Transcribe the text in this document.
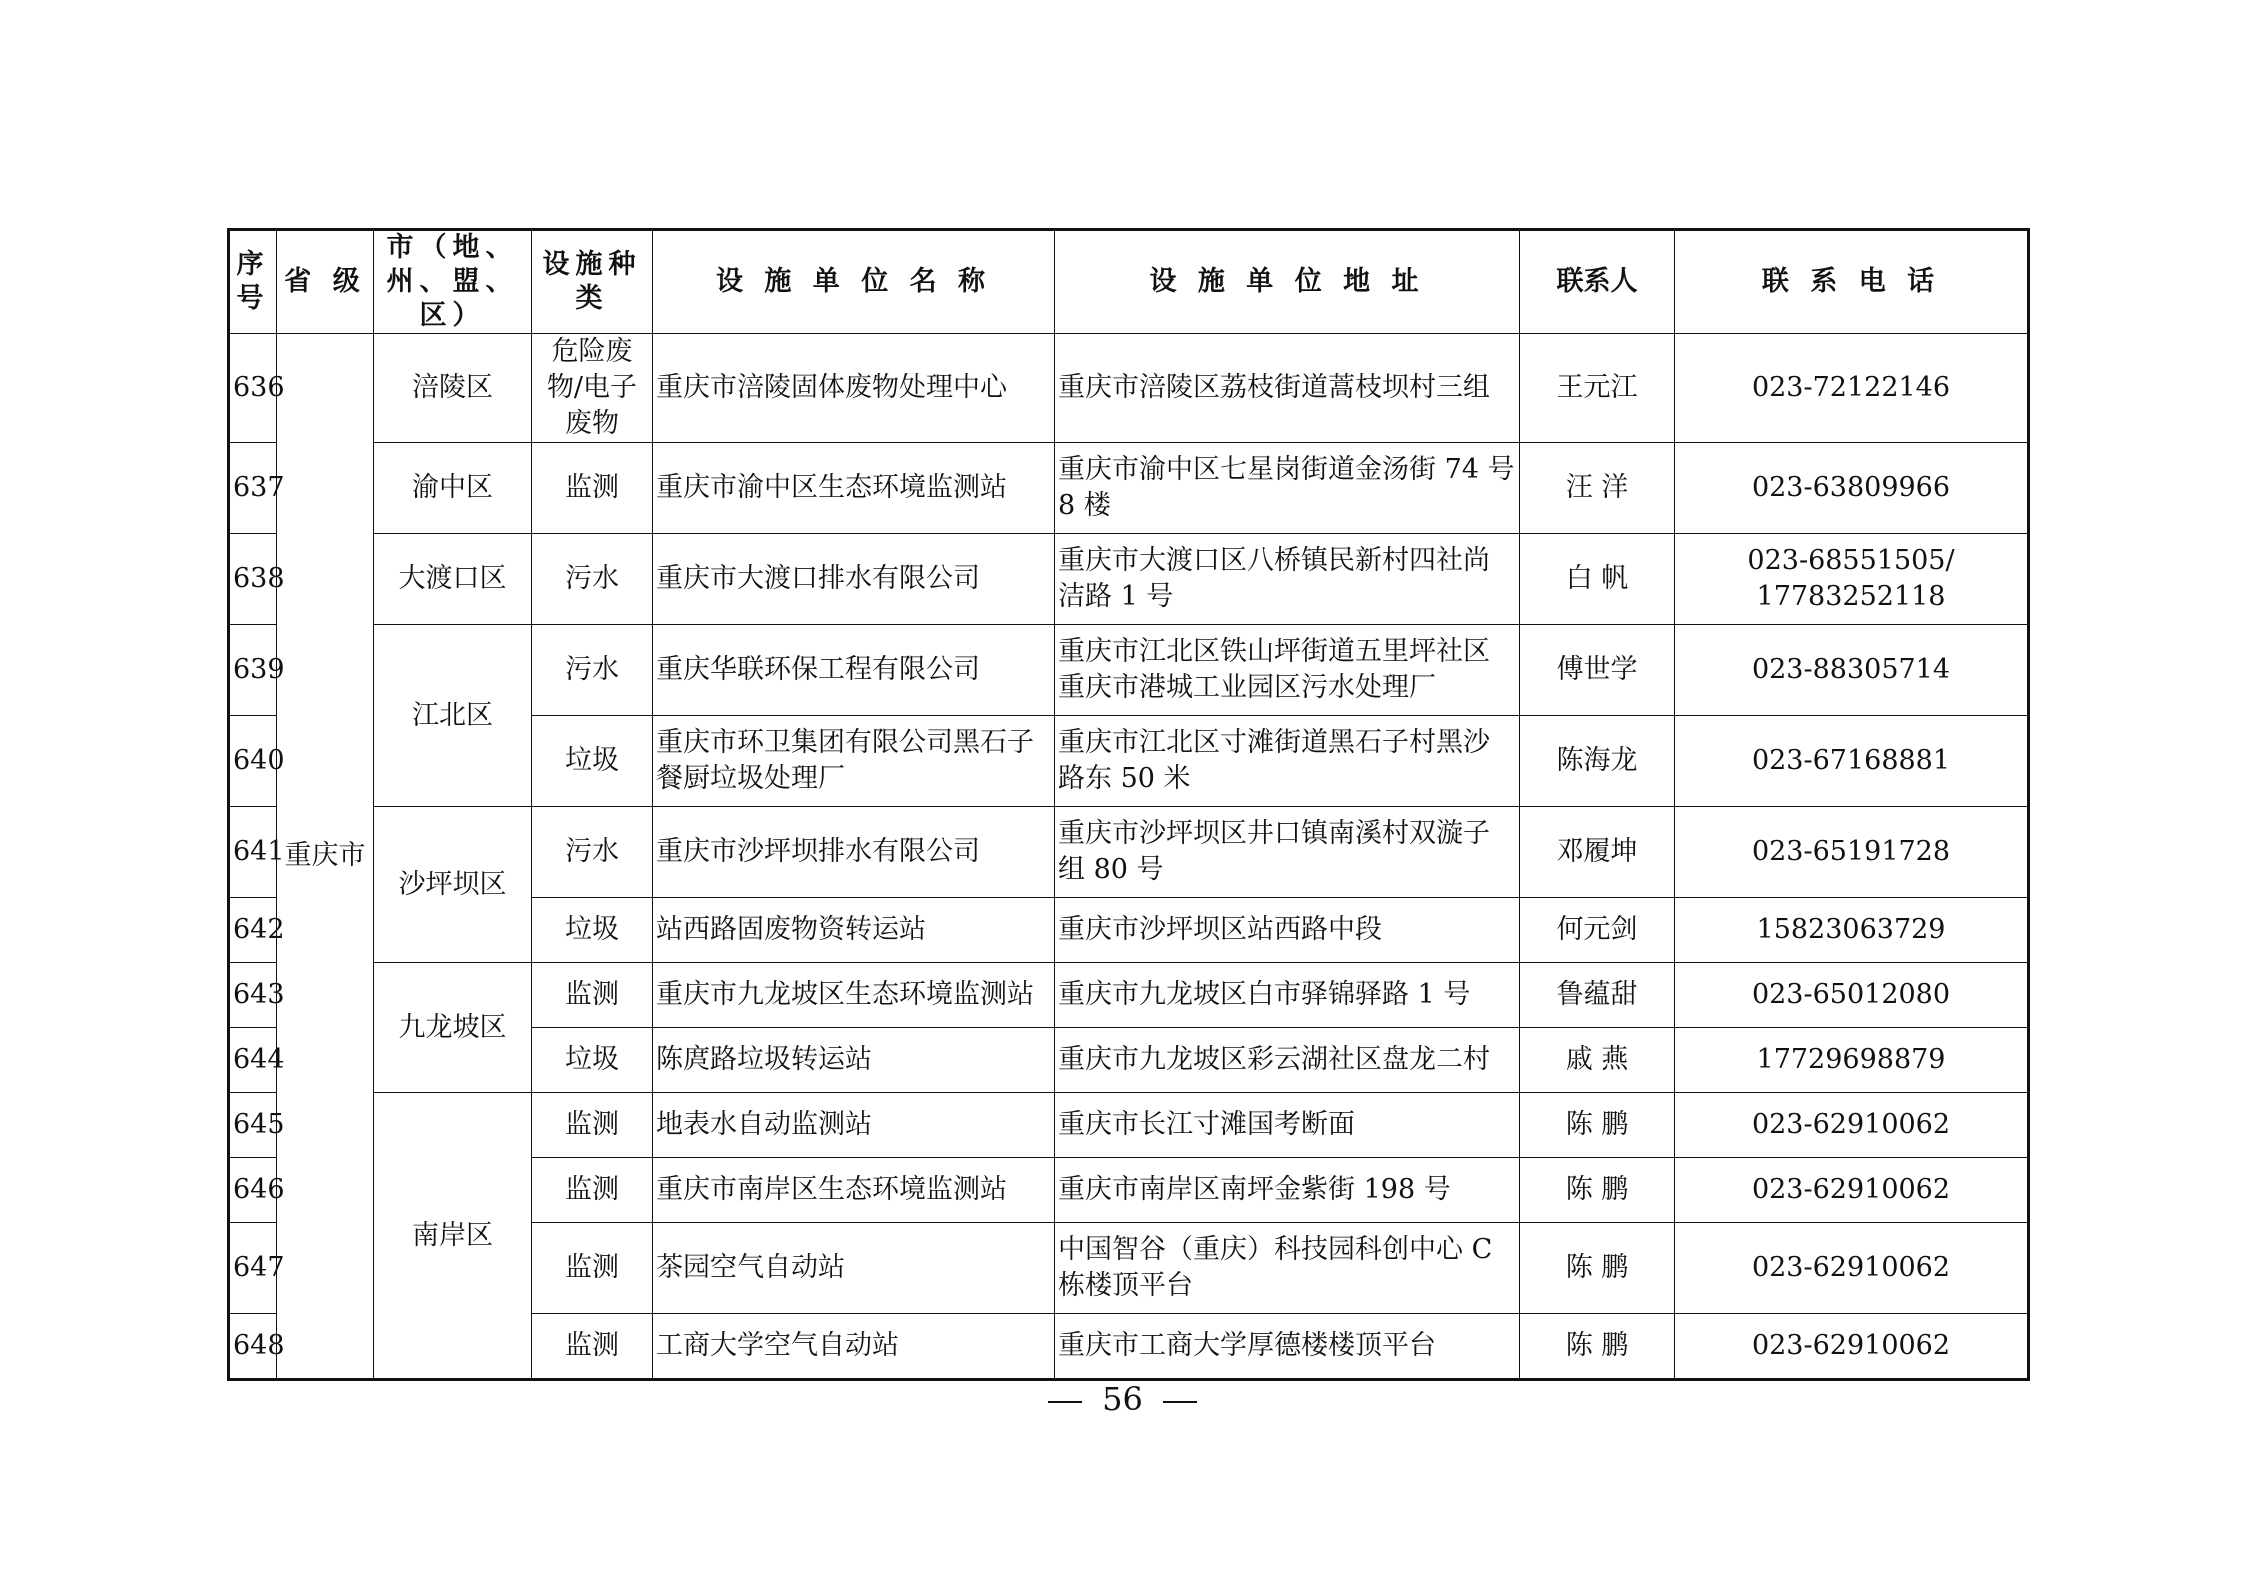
序号	省 级	市（地、州、盟、区）	设施种类	设 施 单 位 名 称	设 施 单 位 地 址	联系人	联 系 电 话
636	重庆市	涪陵区	危险废物/电子废物	重庆市涪陵固体废物处理中心	重庆市涪陵区荔枝街道蒿枝坝村三组	王元江	023-72122146
637		渝中区	监测	重庆市渝中区生态环境监测站	重庆市渝中区七星岗街道金汤街 74 号 8 楼	汪 洋	023-63809966
638		大渡口区	污水	重庆市大渡口排水有限公司	重庆市大渡口区八桥镇民新村四社尚洁路 1 号	白 帆	023-68551505/ 17783252118
639		江北区	污水	重庆华联环保工程有限公司	重庆市江北区铁山坪街道五里坪社区重庆市港城工业园区污水处理厂	傅世学	023-88305714
640			垃圾	重庆市环卫集团有限公司黑石子餐厨垃圾处理厂	重庆市江北区寸滩街道黑石子村黑沙路东 50 米	陈海龙	023-67168881
641		沙坪坝区	污水	重庆市沙坪坝排水有限公司	重庆市沙坪坝区井口镇南溪村双漩子组 80 号	邓履坤	023-65191728
642			垃圾	站西路固废物资转运站	重庆市沙坪坝区站西路中段	何元剑	15823063729
643		九龙坡区	监测	重庆市九龙坡区生态环境监测站	重庆市九龙坡区白市驿锦驿路 1 号	鲁蕴甜	023-65012080
644			垃圾	陈庹路垃圾转运站	重庆市九龙坡区彩云湖社区盘龙二村	戚 燕	17729698879
645		南岸区	监测	地表水自动监测站	重庆市长江寸滩国考断面	陈 鹏	023-62910062
646			监测	重庆市南岸区生态环境监测站	重庆市南岸区南坪金紫街 198 号	陈 鹏	023-62910062
647			监测	茶园空气自动站	中国智谷（重庆）科技园科创中心 C 栋楼顶平台	陈 鹏	023-62910062
648			监测	工商大学空气自动站	重庆市工商大学厚德楼楼顶平台	陈 鹏	023-62910062
56
